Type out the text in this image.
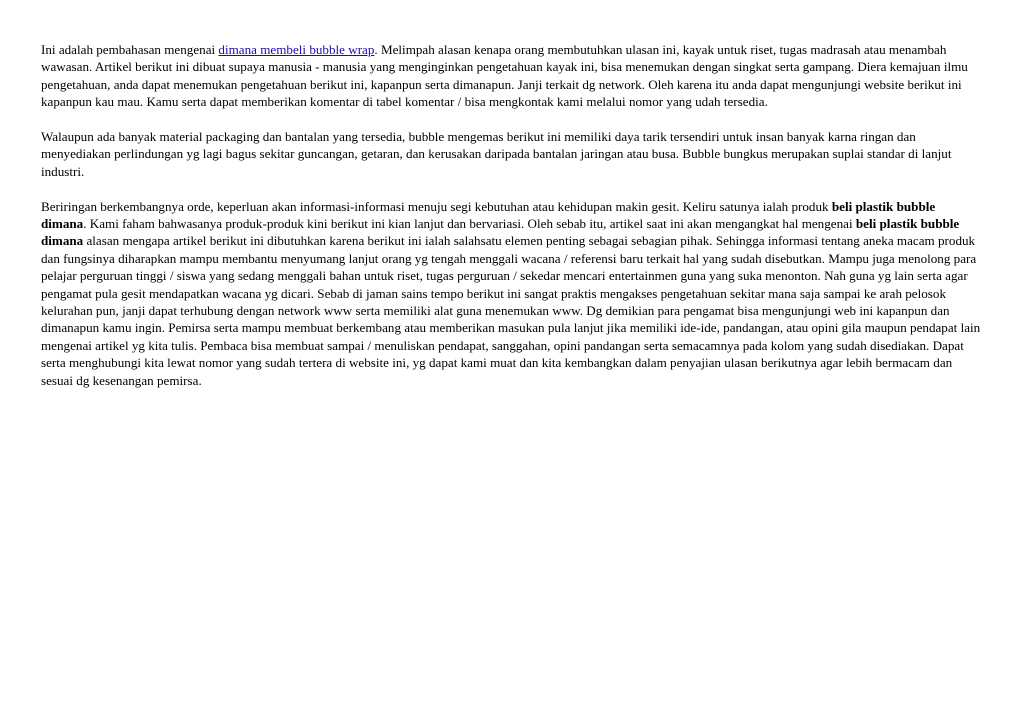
Ini adalah pembahasan mengenai dimana membeli bubble wrap. Melimpah alasan kenapa orang membutuhkan ulasan ini, kayak untuk riset, tugas madrasah atau menambah wawasan. Artikel berikut ini dibuat supaya manusia - manusia yang menginginkan pengetahuan kayak ini, bisa menemukan dengan singkat serta gampang. Diera kemajuan ilmu pengetahuan, anda dapat menemukan pengetahuan berikut ini, kapanpun serta dimanapun. Janji terkait dg network. Oleh karena itu anda dapat mengunjungi website berikut ini kapanpun kau mau. Kamu serta dapat memberikan komentar di tabel komentar / bisa mengkontak kami melalui nomor yang udah tersedia.

Walaupun ada banyak material packaging dan bantalan yang tersedia, bubble mengemas berikut ini memiliki daya tarik tersendiri untuk insan banyak karna ringan dan menyediakan perlindungan yg lagi bagus sekitar guncangan, getaran, dan kerusakan daripada bantalan jaringan atau busa. Bubble bungkus merupakan suplai standar di lanjut industri.

Beriringan berkembangnya orde, keperluan akan informasi-informasi menuju segi kebutuhan atau kehidupan makin gesit. Keliru satunya ialah produk beli plastik bubble dimana. Kami faham bahwasanya produk-produk kini berikut ini kian lanjut dan bervariasi. Oleh sebab itu, artikel saat ini akan mengangkat hal mengenai beli plastik bubble dimana alasan mengapa artikel berikut ini dibutuhkan karena berikut ini ialah salahsatu elemen penting sebagai sebagian pihak. Sehingga informasi tentang aneka macam produk dan fungsinya diharapkan mampu membantu menyumang lanjut orang yg tengah menggali wacana / referensi baru terkait hal yang sudah disebutkan. Mampu juga menolong para pelajar perguruan tinggi / siswa yang sedang menggali bahan untuk riset, tugas perguruan / sekedar mencari entertainmen guna yang suka menonton. Nah guna yg lain serta agar pengamat pula gesit mendapatkan wacana yg dicari. Sebab di jaman sains tempo berikut ini sangat praktis mengakses pengetahuan sekitar mana saja sampai ke arah pelosok kelurahan pun, janji dapat terhubung dengan network www serta memiliki alat guna menemukan www. Dg demikian para pengamat bisa mengunjungi web ini kapanpun dan dimanapun kamu ingin. Pemirsa serta mampu membuat berkembang atau memberikan masukan pula lanjut jika memiliki ide-ide, pandangan, atau opini gila maupun pendapat lain mengenai artikel yg kita tulis. Pembaca bisa membuat sampai / menuliskan pendapat, sanggahan, opini pandangan serta semacamnya pada kolom yang sudah disediakan. Dapat serta menghubungi kita lewat nomor yang sudah tertera di website ini, yg dapat kami muat dan kita kembangkan dalam penyajian ulasan berikutnya agar lebih bermacam dan sesuai dg kesenangan pemirsa.
